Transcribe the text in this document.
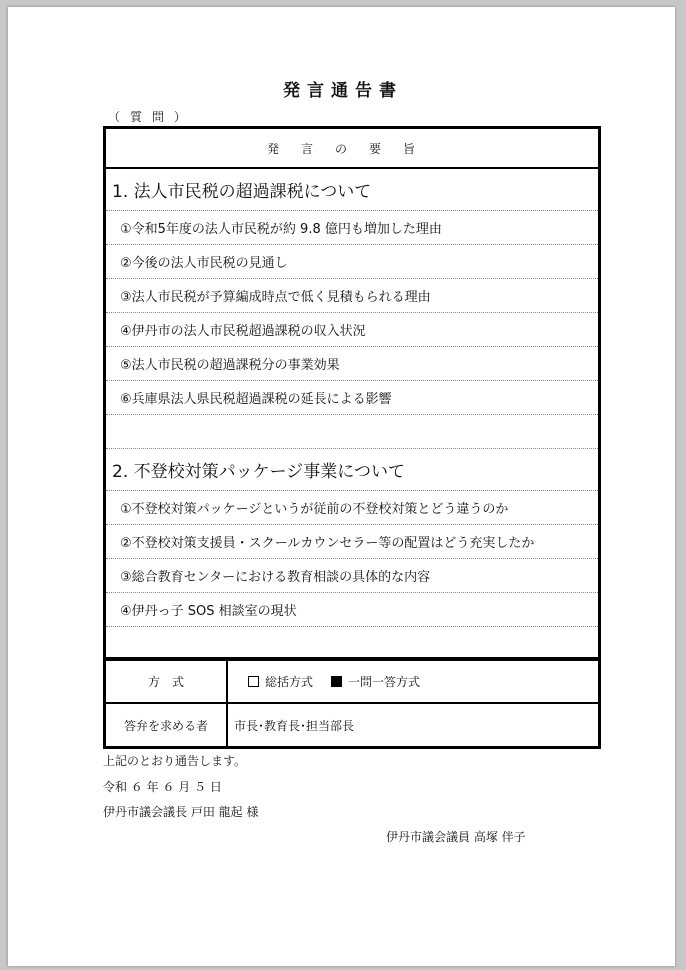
発言通告書
（質問）
発言の要旨
1. 法人市民税の超過課税について
①令和5年度の法人市民税が約 9.8 億円も増加した理由
②今後の法人市民税の見通し
③法人市民税が予算編成時点で低く見積もられる理由
④伊丹市の法人市民税超過課税の収入状況
⑤法人市民税の超過課税分の事業効果
⑥兵庫県法人県民税超過課税の延長による影響
2. 不登校対策パッケージ事業について
①不登校対策パッケージというが従前の不登校対策とどう違うのか
②不登校対策支援員・スクールカウンセラー等の配置はどう充実したか
③総合教育センターにおける教育相談の具体的な内容
④伊丹っ子 SOS 相談室の現状
方　式	総括方式	一問一答方式
答弁を求める者	市長･教育長･担当部長
上記のとおり通告します。
令和 ６ 年 ６ 月 ５ 日
伊丹市議会議長 戸田 龍起 様
伊丹市議会議員 高塚 伴子
